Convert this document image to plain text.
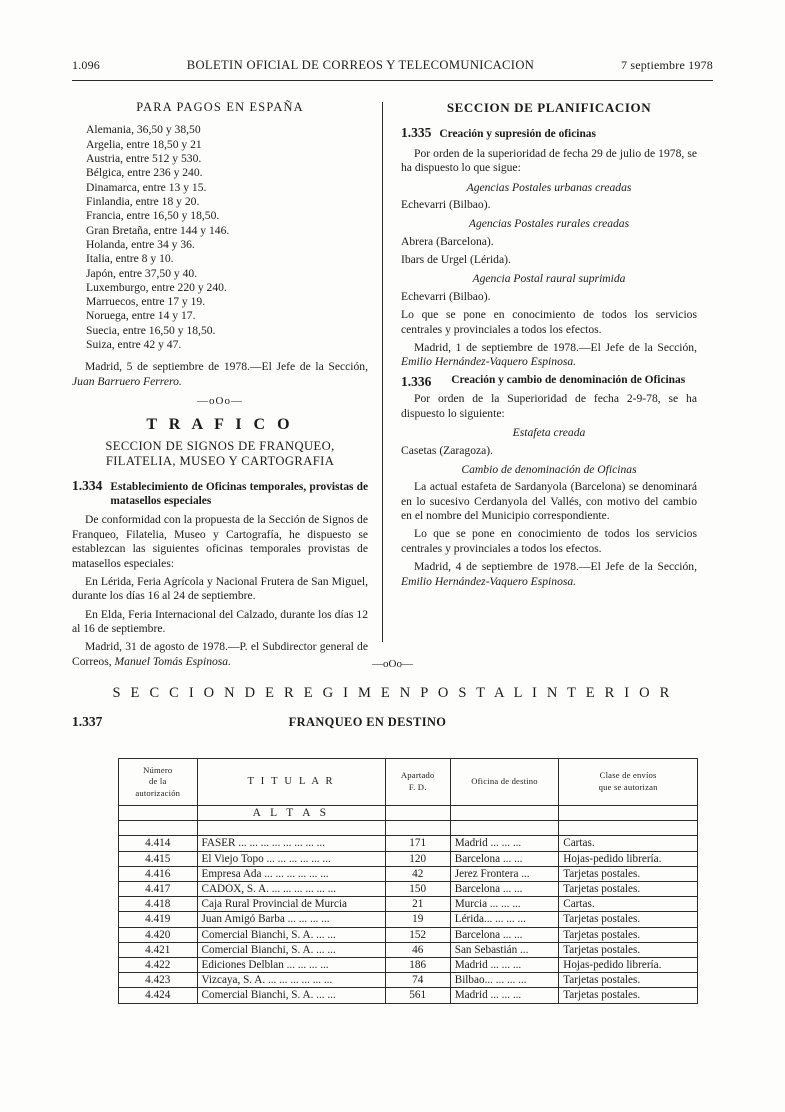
1.096	BOLETIN OFICIAL DE CORREOS Y TELECOMUNICACION	7 septiembre 1978
PARA PAGOS EN ESPAÑA
Alemania, 36,50 y 38,50
Argelia, entre 18,50 y 21
Austria, entre 512 y 530.
Bélgica, entre 236 y 240.
Dinamarca, entre 13 y 15.
Finlandia, entre 18 y 20.
Francia, entre 16,50 y 18,50.
Gran Bretaña, entre 144 y 146.
Holanda, entre 34 y 36.
Italia, entre 8 y 10.
Japón, entre 37,50 y 40.
Luxemburgo, entre 220 y 240.
Marruecos, entre 17 y 19.
Noruega, entre 14 y 17.
Suecia, entre 16,50 y 18,50.
Suiza, entre 42 y 47.

Madrid, 5 de septiembre de 1978.—El Jefe de la Sección, Juan Barruero Ferrero.

—oOo—
T R A F I C O
SECCION DE SIGNOS DE FRANQUEO, FILATELIA, MUSEO Y CARTOGRAFIA
1.334 Establecimiento de Oficinas temporales, provistas de matasellos especiales

De conformidad con la propuesta de la Sección de Signos de Franqueo, Filatelia, Museo y Cartografía, he dispuesto se establezcan las siguientes oficinas temporales provistas de matasellos especiales:

En Lérida, Feria Agrícola y Nacional Frutera de San Miguel, durante los días 16 al 24 de septiembre.

En Elda, Feria Internacional del Calzado, durante los días 12 al 16 de septiembre.

Madrid, 31 de agosto de 1978.—P. el Subdirector general de Correos, Manuel Tomás Espinosa.

SECCION DE PLANIFICACION
1.335 Creación y supresión de oficinas

Por orden de la superioridad de fecha 29 de julio de 1978, se ha dispuesto lo que sigue:

Agencias Postales urbanas creadas

Echevarri (Bilbao).

Agencias Postales rurales creadas

Abrera (Barcelona).

Ibars de Urgel (Lérida).

Agencia Postal raural suprimida

Echevarri (Bilbao).

Lo que se pone en conocimiento de todos los servicios centrales y provinciales a todos los efectos.

Madrid, 1 de septiembre de 1978.—El Jefe de la Sección, Emilio Hernández-Vaquero Espinosa.

1.336	Creación y cambio de denominación de Oficinas

Por orden de la Superioridad de fecha 2-9-78, se ha dispuesto lo siguiente:

Estafeta creada

Casetas (Zaragoza).

Cambio de denominación de Oficinas

La actual estafeta de Sardanyola (Barcelona) se denominará en lo sucesivo Cerdanyola del Vallés, con motivo del cambio en el nombre del Municipio correspondiente.

Lo que se pone en conocimiento de todos los servicios centrales y provinciales a todos los efectos.

Madrid, 4 de septiembre de 1978.—El Jefe de la Sección, Emilio Hernández-Vaquero Espinosa.

—oOo—
S E C C I O N D E R E G I M E N P O S T A L I N T E R I O R
1.337	FRANQUEO EN DESTINO
Número
de la
autorización	T I T U L A R	Apartado
F. D.	Oficina de destino	Clase de envíos
que se autorizan
	A L T A S			

4.414	FASER ... ... ... ... ... ... ... ...	171	Madrid ... ... ...	Cartas.
4.415	El Viejo Topo ... ... ... ... ... ...	120	Barcelona ... ...	Hojas-pedido librería.
4.416	Empresa Ada ... ... ... ... ... ...	42	Jerez Frontera ...	Tarjetas postales.
4.417	CADOX, S. A. ... ... ... ... ... ...	150	Barcelona ... ...	Tarjetas postales.
4.418	Caja Rural Provincial de Murcia	21	Murcia ... ... ...	Cartas.
4.419	Juan Amigó Barba ... ... ... ...	19	Lérida... ... ... ...	Tarjetas postales.
4.420	Comercial Bianchi, S. A. ... ...	152	Barcelona ... ...	Tarjetas postales.
4.421	Comercial Bianchi, S. A. ... ...	46	San Sebastián ...	Tarjetas postales.
4.422	Ediciones Delblan ... ... ... ...	186	Madrid ... ... ...	Hojas-pedido librería.
4.423	Vizcaya, S. A. ... ... ... ... ... ...	74	Bilbao... ... ... ...	Tarjetas postales.
4.424	Comercial Bianchi, S. A. ... ...	561	Madrid ... ... ...	Tarjetas postales.
